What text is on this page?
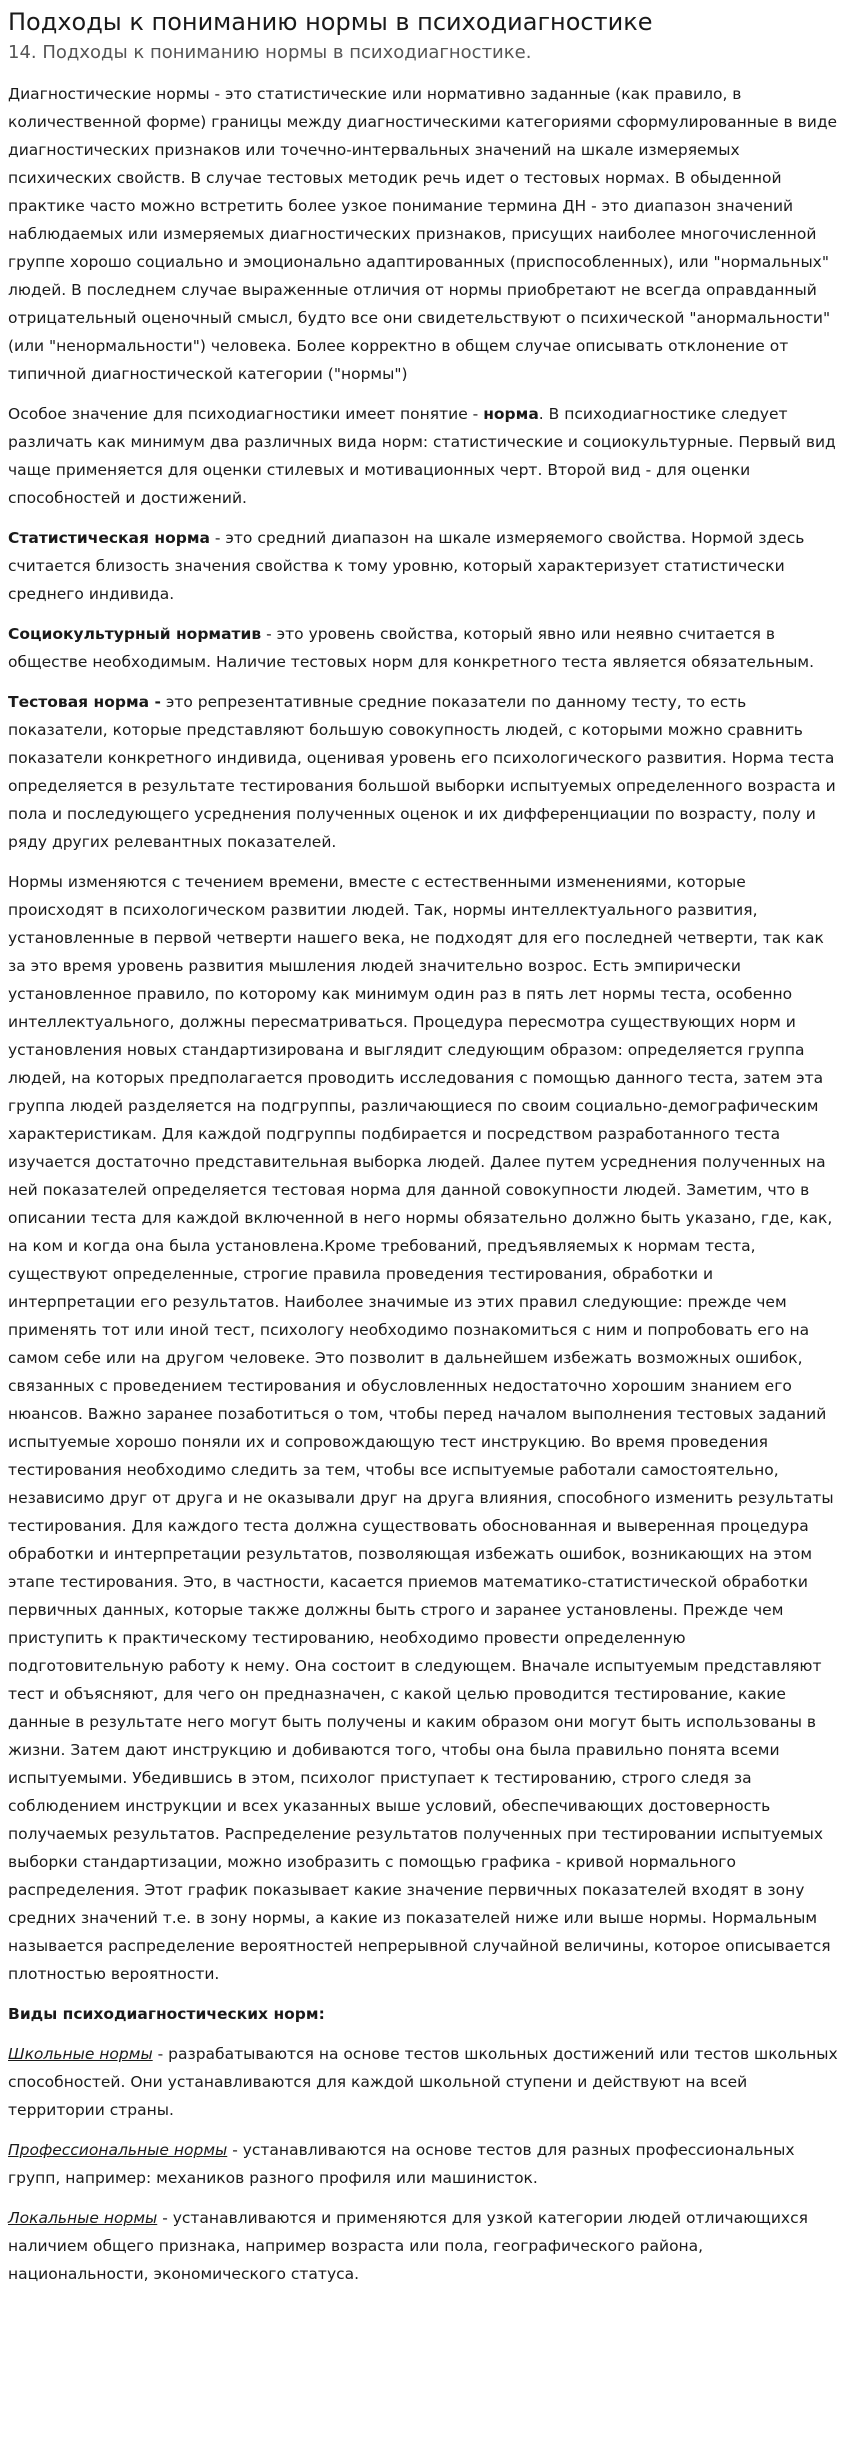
Подходы к пониманию нормы в психодиагностике
14. Подходы к пониманию нормы в психодиагностике.

Диагностические нормы - это статистические или нормативно заданные (как правило, в количественной форме) границы между диагностическими категориями сформулированные в виде диагностических признаков или точечно-интервальных значений на шкале измеряемых психических свойств. В случае тестовых методик речь идет о тестовых нормах. В обыденной практике часто можно встретить более узкое понимание термина ДН - это диапазон значений наблюдаемых или измеряемых диагностических признаков, присущих наиболее многочисленной группе хорошо социально и эмоционально адаптированных (приспособленных), или "нормальных" людей. В последнем случае выраженные отличия от нормы приобретают не всегда оправданный отрицательный оценочный смысл, будто все они свидетельствуют о психической "анормальности" (или "ненормальности") человека. Более корректно в общем случае описывать отклонение от типичной диагностической категории ("нормы")

Особое значение для психодиагностики имеет понятие - норма. В психодиагностике следует различать как минимум два различных вида норм: статистические и социокультурные. Первый вид чаще применяется для оценки стилевых и мотивационных черт. Второй вид - для оценки способностей и достижений.

Статистическая норма - это средний диапазон на шкале измеряемого свойства. Нормой здесь считается близость значения свойства к тому уровню, который характеризует статистически среднего индивида.

Социокультурный норматив - это уровень свойства, который явно или неявно считается в обществе необходимым. Наличие тестовых норм для конкретного теста является обязательным.

Тестовая норма - это репрезентативные средние показатели по данному тесту, то есть показатели, которые представляют большую совокупность людей, с которыми можно сравнить показатели конкретного индивида, оценивая уровень его психологического развития. Норма теста определяется в результате тестирования большой выборки испытуемых определенного возраста и пола и последующего усреднения полученных оценок и их дифференциации по возрасту, полу и ряду других релевантных показателей.

Нормы изменяются с течением времени, вместе с естественными изменениями, которые происходят в психологическом развитии людей. Так, нормы интеллектуального развития, установленные в первой четверти нашего века, не подходят для его последней четверти, так как за это время уровень развития мышления людей значительно возрос. Есть эмпирически установленное правило, по которому как минимум один раз в пять лет нормы теста, особенно интеллектуального, должны пересматриваться. Процедура пересмотра существующих норм и установления новых стандартизирована и выглядит следующим образом: определяется группа людей, на которых предполагается проводить исследования с помощью данного теста, затем эта группа людей разделяется на подгруппы, различающиеся по своим социально-демографическим характеристикам. Для каждой подгруппы подбирается и посредством разработанного теста изучается достаточно представительная выборка людей. Далее путем усреднения полученных на ней показателей определяется тестовая норма для данной совокупности людей. Заметим, что в описании теста для каждой включенной в него нормы обязательно должно быть указано, где, как, на ком и когда она была установлена.Кроме требований, предъявляемых к нормам теста, существуют определенные, строгие правила проведения тестирования, обработки и интерпретации его результатов. Наиболее значимые из этих правил следующие: прежде чем применять тот или иной тест, психологу необходимо познакомиться с ним и попробовать его на самом себе или на другом человеке. Это позволит в дальнейшем избежать возможных ошибок, связанных с проведением тестирования и обусловленных недостаточно хорошим знанием его нюансов. Важно заранее позаботиться о том, чтобы перед началом выполнения тестовых заданий испытуемые хорошо поняли их и сопровождающую тест инструкцию. Во время проведения тестирования необходимо следить за тем, чтобы все испытуемые работали самостоятельно, независимо друг от друга и не оказывали друг на друга влияния, способного изменить результаты тестирования. Для каждого теста должна существовать обоснованная и выверенная процедура обработки и интерпретации результатов, позволяющая избежать ошибок, возникающих на этом этапе тестирования. Это, в частности, касается приемов математико-статистической обработки первичных данных, которые также должны быть строго и заранее установлены. Прежде чем приступить к практическому тестированию, необходимо провести определенную подготовительную работу к нему. Она состоит в следующем. Вначале испытуемым представляют тест и объясняют, для чего он предназначен, с какой целью проводится тестирование, какие данные в результате него могут быть получены и каким образом они могут быть использованы в жизни. Затем дают инструкцию и добиваются того, чтобы она была правильно понята всеми испытуемыми. Убедившись в этом, психолог приступает к тестированию, строго следя за соблюдением инструкции и всех указанных выше условий, обеспечивающих достоверность получаемых результатов. Распределение результатов полученных при тестировании испытуемых выборки стандартизации, можно изобразить с помощью графика - кривой нормального распределения. Этот график показывает какие значение первичных показателей входят в зону средних значений т.е. в зону нормы, а какие из показателей ниже или выше нормы. Нормальным называется распределение вероятностей непрерывной случайной величины, которое описывается плотностью вероятности.

Виды психодиагностических норм:

Школьные нормы - разрабатываются на основе тестов школьных достижений или тестов школьных способностей. Они устанавливаются для каждой школьной ступени и действуют на всей территории страны.

Профессиональные нормы - устанавливаются на основе тестов для разных профессиональных групп, например: механиков разного профиля или машинисток.

Локальные нормы - устанавливаются и применяются для узкой категории людей отличающихся наличием общего признака, например возраста или пола, географического района, национальности, экономического статуса.
